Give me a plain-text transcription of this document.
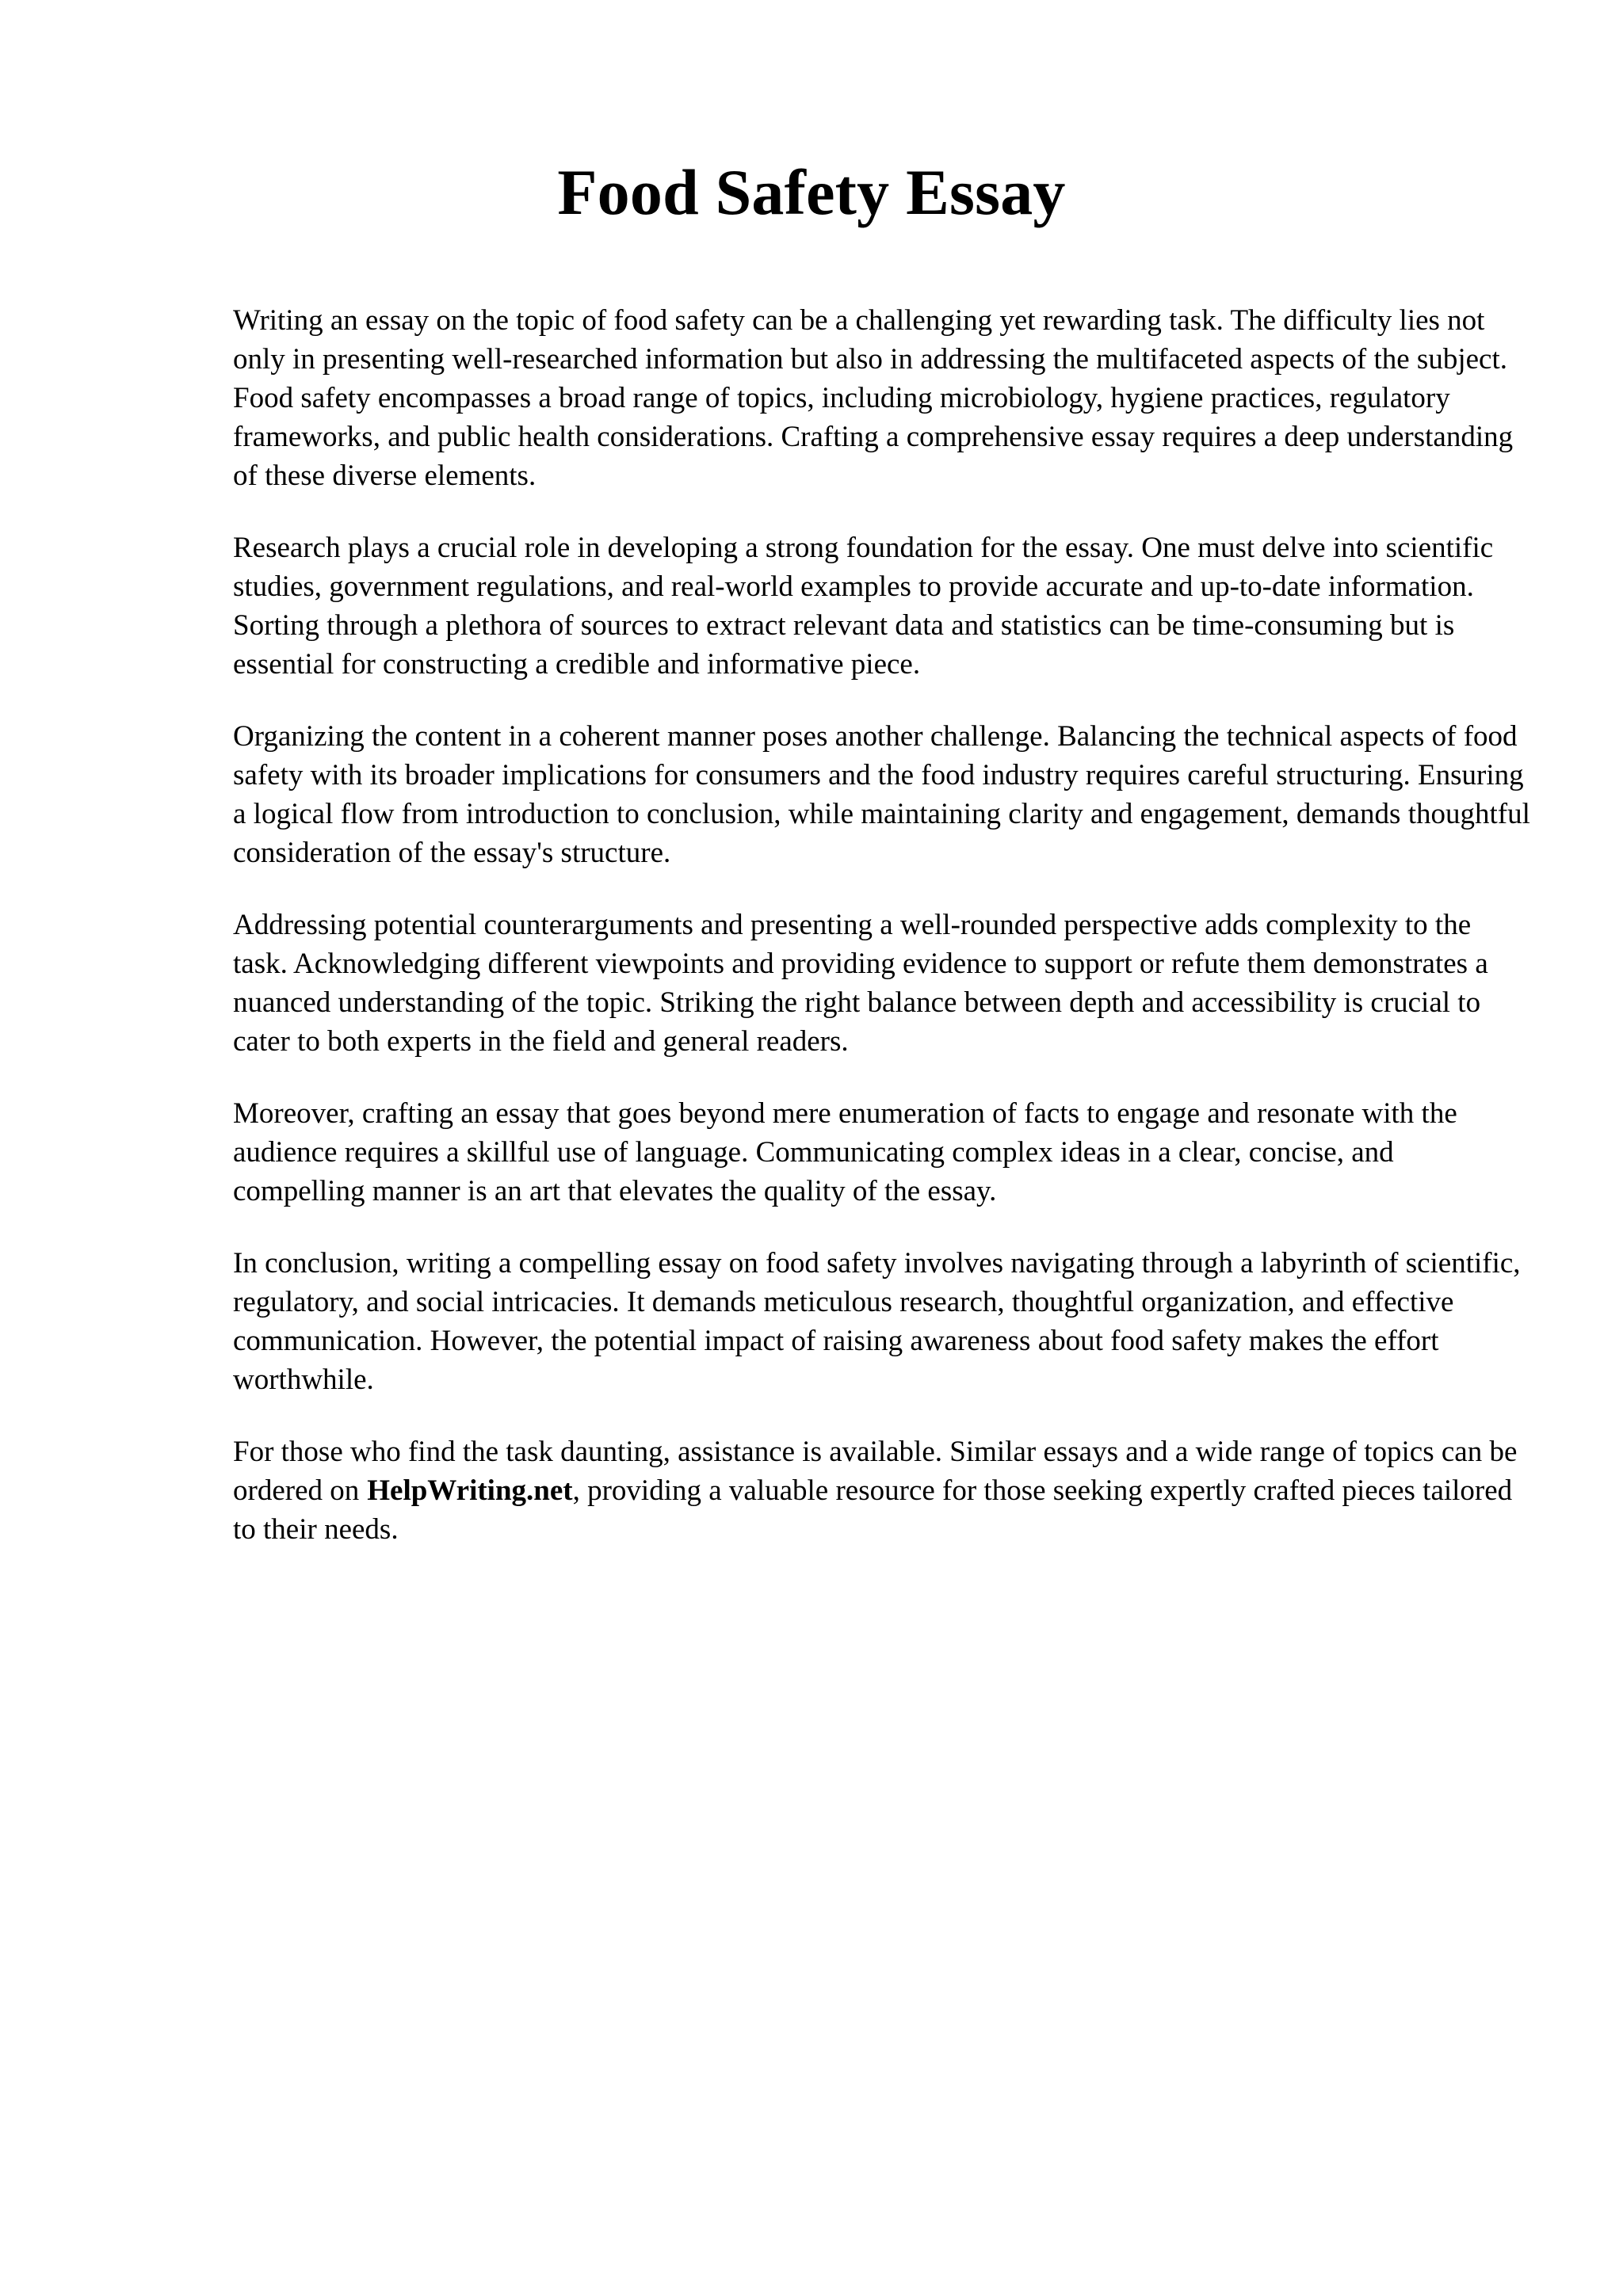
Food Safety Essay

Writing an essay on the topic of food safety can be a challenging yet rewarding task. The difficulty lies not only in presenting well-researched information but also in addressing the multifaceted aspects of the subject. Food safety encompasses a broad range of topics, including microbiology, hygiene practices, regulatory frameworks, and public health considerations. Crafting a comprehensive essay requires a deep understanding of these diverse elements.

Research plays a crucial role in developing a strong foundation for the essay. One must delve into scientific studies, government regulations, and real-world examples to provide accurate and up-to-date information. Sorting through a plethora of sources to extract relevant data and statistics can be time-consuming but is essential for constructing a credible and informative piece.

Organizing the content in a coherent manner poses another challenge. Balancing the technical aspects of food safety with its broader implications for consumers and the food industry requires careful structuring. Ensuring a logical flow from introduction to conclusion, while maintaining clarity and engagement, demands thoughtful consideration of the essay's structure.

Addressing potential counterarguments and presenting a well-rounded perspective adds complexity to the task. Acknowledging different viewpoints and providing evidence to support or refute them demonstrates a nuanced understanding of the topic. Striking the right balance between depth and accessibility is crucial to cater to both experts in the field and general readers.

Moreover, crafting an essay that goes beyond mere enumeration of facts to engage and resonate with the audience requires a skillful use of language. Communicating complex ideas in a clear, concise, and compelling manner is an art that elevates the quality of the essay.

In conclusion, writing a compelling essay on food safety involves navigating through a labyrinth of scientific, regulatory, and social intricacies. It demands meticulous research, thoughtful organization, and effective communication. However, the potential impact of raising awareness about food safety makes the effort worthwhile.

For those who find the task daunting, assistance is available. Similar essays and a wide range of topics can be ordered on HelpWriting.net, providing a valuable resource for those seeking expertly crafted pieces tailored to their needs.
